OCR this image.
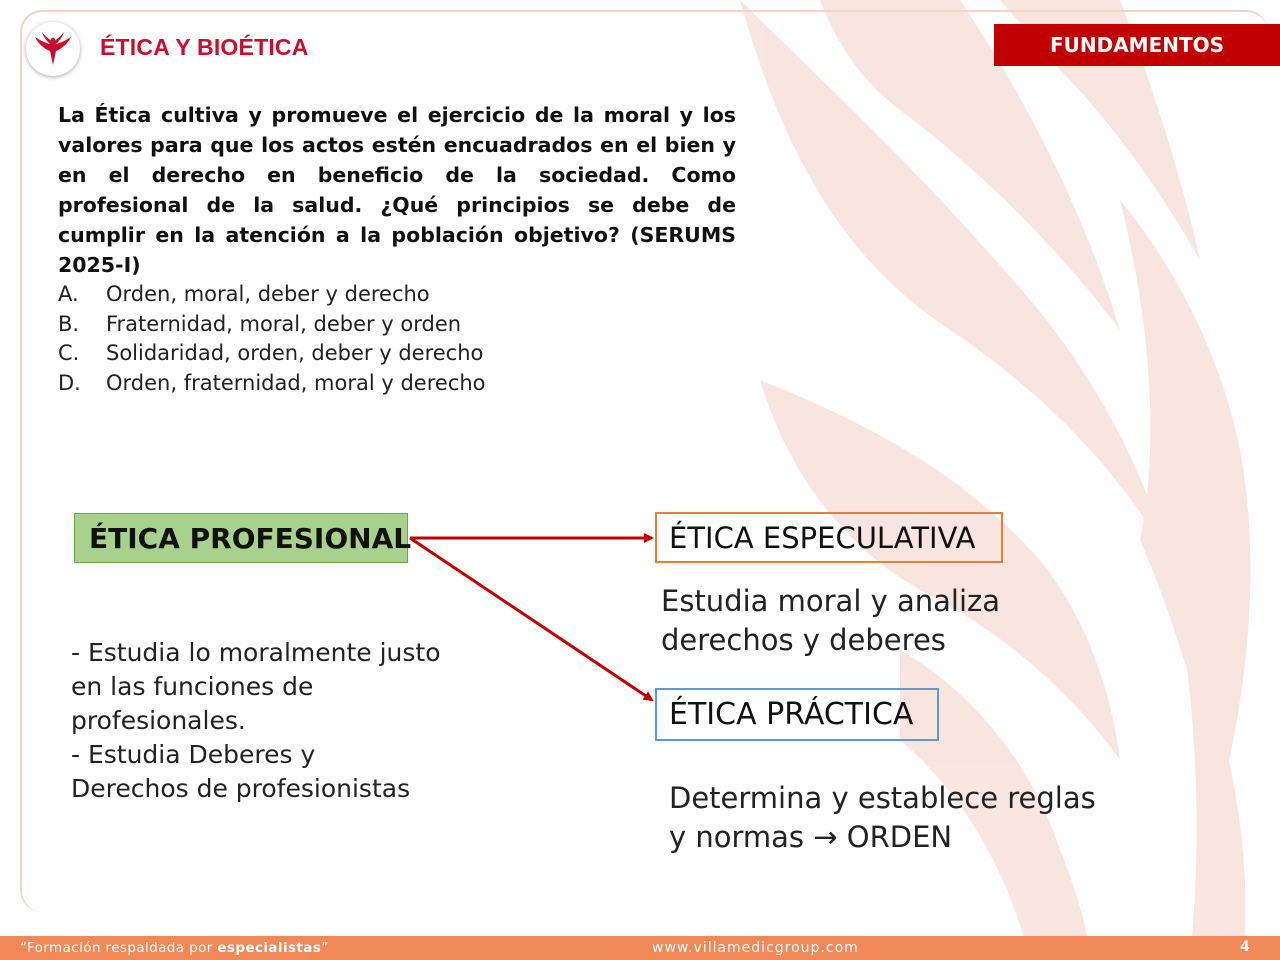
ÉTICA Y BIOÉTICA	FUNDAMENTOS
La Ética cultiva y promueve el ejercicio de la moral y los valores para que los actos estén encuadrados en el bien y en el derecho en beneficio de la sociedad. Como profesional de la salud. ¿Qué principios se debe de cumplir en la atención a la población objetivo? (SERUMS 2025-I)
A.	Orden, moral, deber y derecho
B.	Fraternidad, moral, deber y orden
C.	Solidaridad, orden, deber y derecho
D.	Orden, fraternidad, moral y derecho
ÉTICA PROFESIONAL	ÉTICA ESPECULATIVA
ÉTICA PRÁCTICA
- Estudia lo moralmente justo
en las funciones de
profesionales.
- Estudia Deberes y
Derechos de profesionistas
Estudia moral y analiza
derechos y deberes
Determina y establece reglas
y normas → ORDEN
“Formación respaldada por especialistas”	www.villamedicgroup.com	4
